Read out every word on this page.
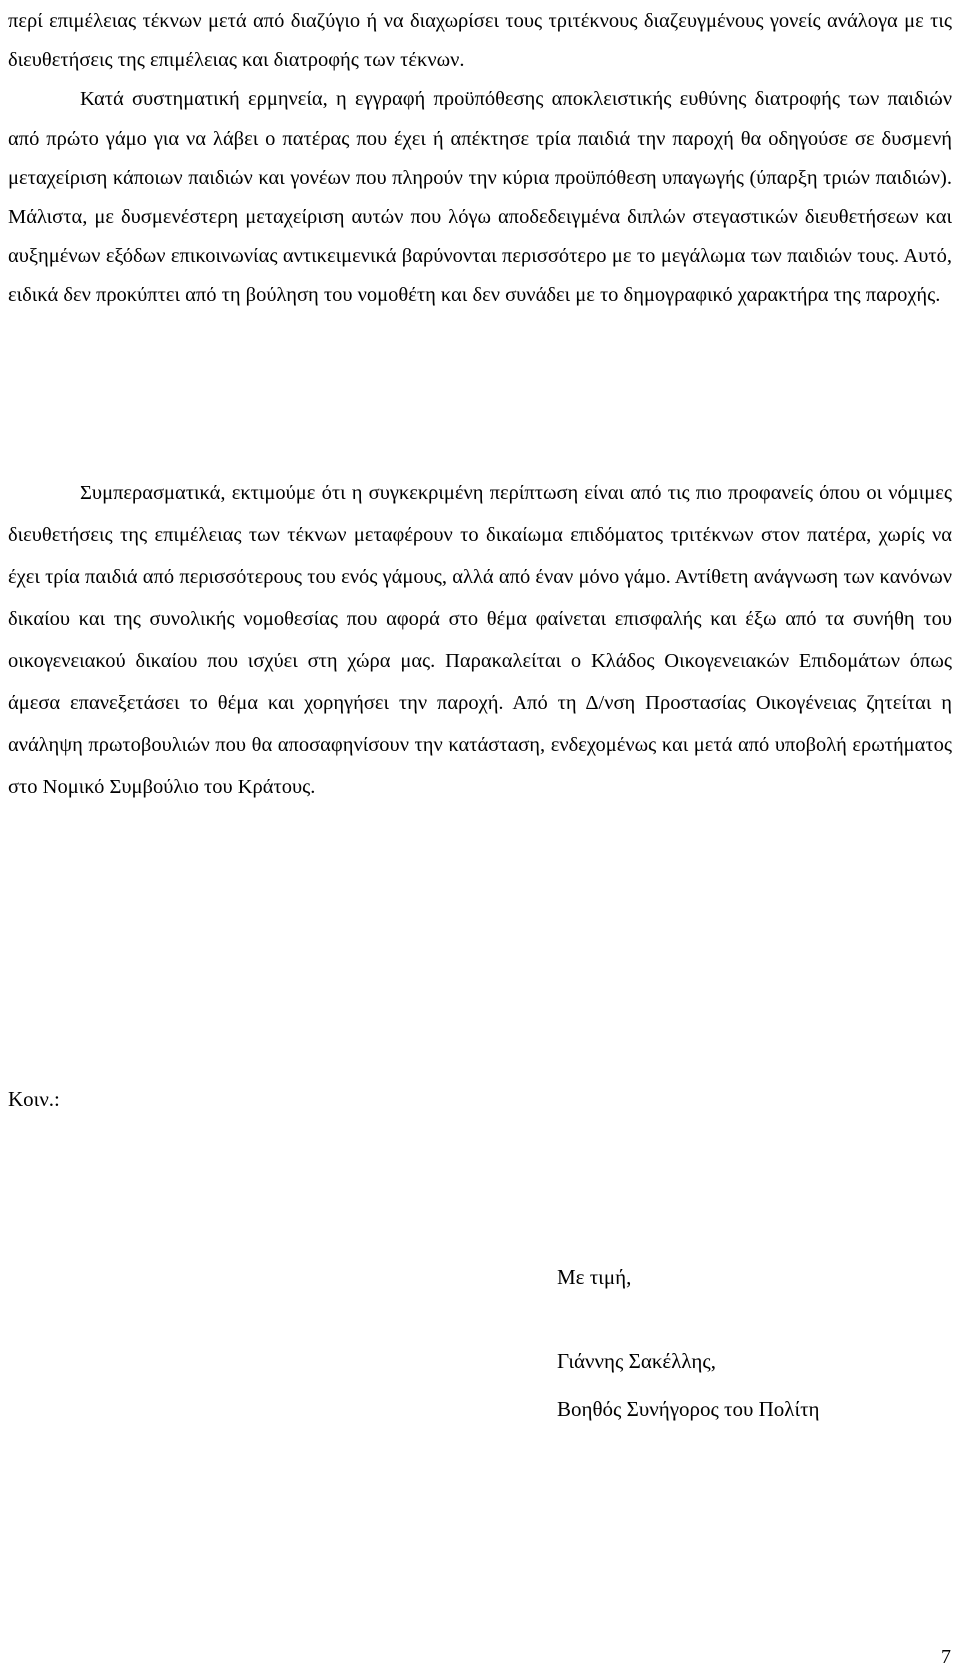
περί επιμέλειας τέκνων μετά από διαζύγιο ή να διαχωρίσει τους τριτέκνους διαζευγμένους γονείς ανάλογα με τις διευθετήσεις της επιμέλειας και διατροφής των τέκνων.
Κατά συστηματική ερμηνεία, η εγγραφή προϋπόθεσης αποκλειστικής ευθύνης διατροφής των παιδιών από πρώτο γάμο για να λάβει ο πατέρας που έχει ή απέκτησε τρία παιδιά την παροχή θα οδηγούσε σε δυσμενή μεταχείριση κάποιων παιδιών και γονέων που πληρούν την κύρια προϋπόθεση υπαγωγής (ύπαρξη τριών παιδιών). Μάλιστα, με δυσμενέστερη μεταχείριση αυτών που λόγω αποδεδειγμένα διπλών στεγαστικών διευθετήσεων και αυξημένων εξόδων επικοινωνίας αντικειμενικά βαρύνονται περισσότερο με το μεγάλωμα των παιδιών τους. Αυτό, ειδικά δεν προκύπτει από τη βούληση του νομοθέτη και δεν συνάδει με το δημογραφικό χαρακτήρα της παροχής.
Συμπερασματικά, εκτιμούμε ότι η συγκεκριμένη περίπτωση είναι από τις πιο προφανείς όπου οι νόμιμες διευθετήσεις της επιμέλειας των τέκνων μεταφέρουν το δικαίωμα επιδόματος τριτέκνων στον πατέρα, χωρίς να έχει τρία παιδιά από περισσότερους του ενός γάμους, αλλά από έναν μόνο γάμο. Αντίθετη ανάγνωση των κανόνων δικαίου και της συνολικής νομοθεσίας που αφορά στο θέμα φαίνεται επισφαλής και έξω από τα συνήθη του οικογενειακού δικαίου που ισχύει στη χώρα μας. Παρακαλείται ο Κλάδος Οικογενειακών Επιδομάτων όπως άμεσα επανεξετάσει το θέμα και χορηγήσει την παροχή. Από τη Δ/νση Προστασίας Οικογένειας ζητείται η ανάληψη πρωτοβουλιών που θα αποσαφηνίσουν την κατάσταση, ενδεχομένως και μετά από υποβολή ερωτήματος στο Νομικό Συμβούλιο του Κράτους.
Κοιν.:
Με τιμή,
Γιάννης Σακέλλης,
Βοηθός Συνήγορος του Πολίτη
7
